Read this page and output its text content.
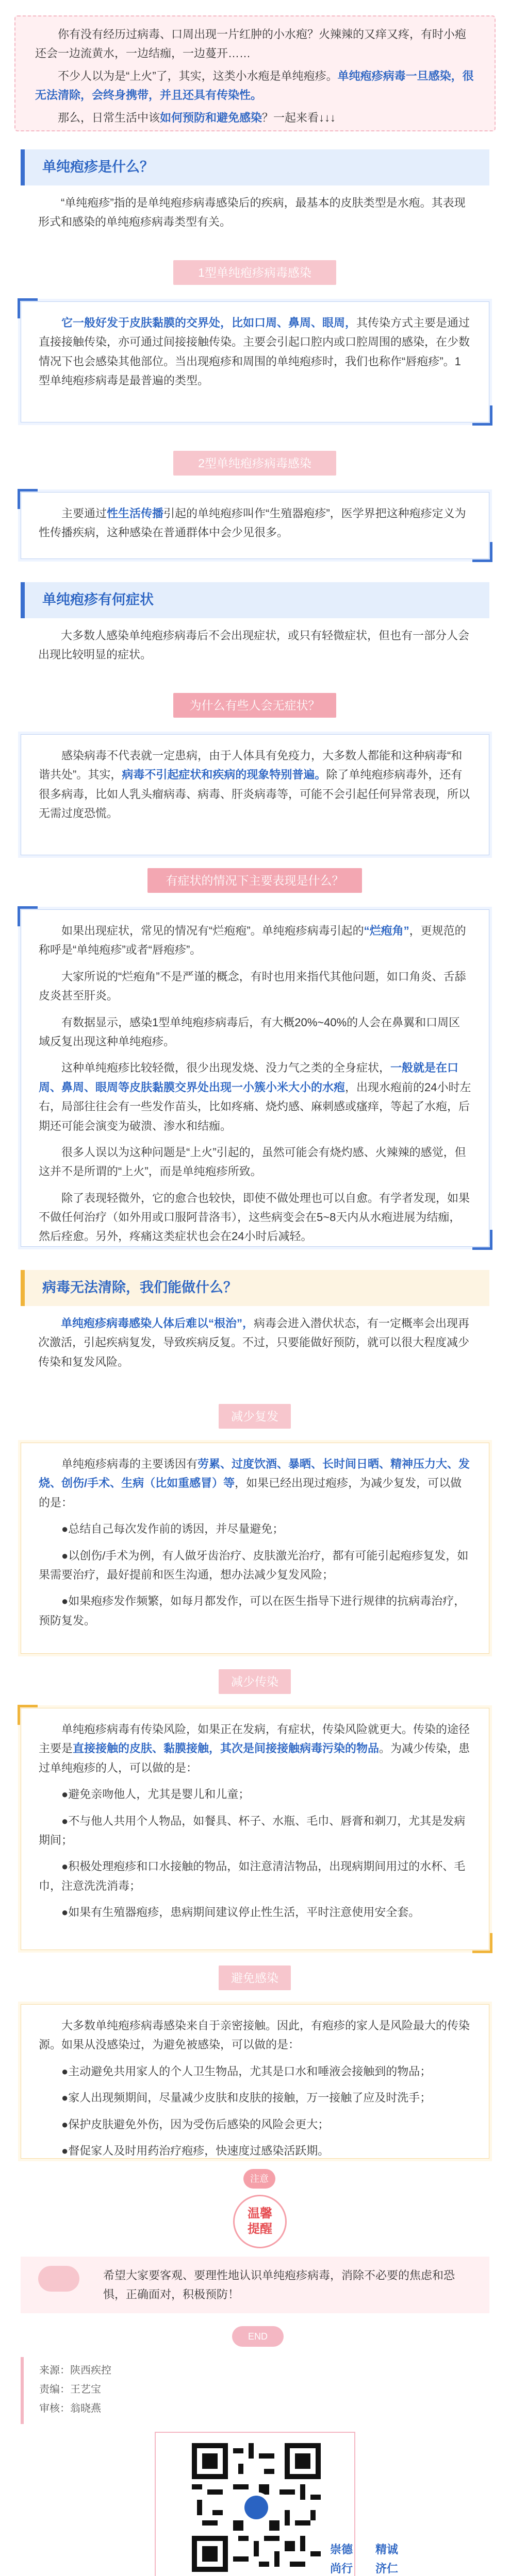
你有没有经历过病毒、口周出现一片红肿的小水疱？火辣辣的又痒又疼，有时小疱还会一边流黄水，一边结痂，一边蔓开……

不少人以为是“上火”了，其实，这类小水疱是单纯疱疹。单纯疱疹病毒一旦感染，很无法清除，会终身携带，并且还具有传染性。

那么，日常生活中该如何预防和避免感染？一起来看↓↓↓

单纯疱疹是什么？

“单纯疱疹”指的是单纯疱疹病毒感染后的疾病，最基本的皮肤类型是水疱。其表现形式和感染的单纯疱疹病毒类型有关。

1型单纯疱疹病毒感染

它一般好发于皮肤黏膜的交界处，比如口周、鼻周、眼周，其传染方式主要是通过直接接触传染，亦可通过间接接触传染。主要会引起口腔内或口腔周围的感染，在少数情况下也会感染其他部位。当出现疱疹和周围的单纯疱疹时，我们也称作“唇疱疹”。1型单纯疱疹病毒是最普遍的类型。

2型单纯疱疹病毒感染

主要通过性生活传播引起的单纯疱疹叫作“生殖器疱疹”，医学界把这种疱疹定义为性传播疾病，这种感染在普通群体中会少见很多。

单纯疱疹有何症状

大多数人感染单纯疱疹病毒后不会出现症状，或只有轻微症状，但也有一部分人会出现比较明显的症状。

为什么有些人会无症状？

感染病毒不代表就一定患病，由于人体具有免疫力，大多数人都能和这种病毒“和谐共处”。其实，病毒不引起症状和疾病的现象特别普遍。除了单纯疱疹病毒外，还有很多病毒，比如人乳头瘤病毒、病毒、肝炎病毒等，可能不会引起任何异常表现，所以无需过度恐慌。

有症状的情况下主要表现是什么？

如果出现症状，常见的情况有“烂疱疱”。单纯疱疹病毒引起的“烂疱角”，更规范的称呼是“单纯疱疹”或者“唇疱疹”。

大家所说的“烂疱角”不是严谨的概念，有时也用来指代其他问题，如口角炎、舌舔皮炎甚至肝炎。

有数据显示，感染1型单纯疱疹病毒后，有大概20%~40%的人会在鼻翼和口周区域反复出现这种单纯疱疹。

这种单纯疱疹比较轻微，很少出现发烧、没力气之类的全身症状，一般就是在口周、鼻周、眼周等皮肤黏膜交界处出现一小簇小米大小的水疱，出现水疱前的24小时左右，局部往往会有一些发作苗头，比如疼痛、烧灼感、麻刺感或瘙痒，等起了水疱，后期还可能会演变为破溃、渗水和结痂。

很多人误以为这种问题是“上火”引起的，虽然可能会有烧灼感、火辣辣的感觉，但这并不是所谓的“上火”，而是单纯疱疹所致。

除了表现轻微外，它的愈合也较快，即使不做处理也可以自愈。有学者发现，如果不做任何治疗（如外用或口服阿昔洛韦），这些病变会在5~8天内从水疱进展为结痂，然后痊愈。另外，疼痛这类症状也会在24小时后减轻。

病毒无法清除，我们能做什么？

单纯疱疹病毒感染人体后难以“根治”，病毒会进入潜伏状态，有一定概率会出现再次激活，引起疾病复发，导致疾病反复。不过，只要能做好预防，就可以很大程度减少传染和复发风险。

减少复发

单纯疱疹病毒的主要诱因有劳累、过度饮酒、暴晒、长时间日晒、精神压力大、发烧、创伤/手术、生病（比如重感冒）等，如果已经出现过疱疹，为减少复发，可以做的是：

●总结自己每次发作前的诱因，并尽量避免；

●以创伤/手术为例，有人做牙齿治疗、皮肤激光治疗，都有可能引起疱疹复发，如果需要治疗，最好提前和医生沟通，想办法减少复发风险；

●如果疱疹发作频繁，如每月都发作，可以在医生指导下进行规律的抗病毒治疗，预防复发。

减少传染

单纯疱疹病毒有传染风险，如果正在发病，有症状，传染风险就更大。传染的途径主要是直接接触的皮肤、黏膜接触，其次是间接接触病毒污染的物品。为减少传染，患过单纯疱疹的人，可以做的是：

●避免亲吻他人，尤其是婴儿和儿童；

●不与他人共用个人物品，如餐具、杯子、水瓶、毛巾、唇膏和剃刀，尤其是发病期间；

●积极处理疱疹和口水接触的物品，如注意清洁物品，出现病期间用过的水杯、毛巾，注意洗洗消毒；

●如果有生殖器疱疹，患病期间建议停止性生活，平时注意使用安全套。

避免感染

大多数单纯疱疹病毒感染来自于亲密接触。因此，有疱疹的家人是风险最大的传染源。如果从没感染过，为避免被感染，可以做的是：

●主动避免共用家人的个人卫生物品，尤其是口水和唾液会接触到的物品；

●家人出现频期间，尽量减少皮肤和皮肤的接触，万一接触了应及时洗手；

●保护皮肤避免外伤，因为受伤后感染的风险会更大；

●督促家人及时用药治疗疱疹，快速度过感染活跃期。

注意
温馨
提醒
希望大家要客观、要理性地认识单纯疱疹病毒，消除不必要的焦虑和恐惧，正确面对，积极预防！
END
来源：陕西疾控
责编：王艺宝
审核：翁晓燕
崇德　　精诚
尚行　　济仁
